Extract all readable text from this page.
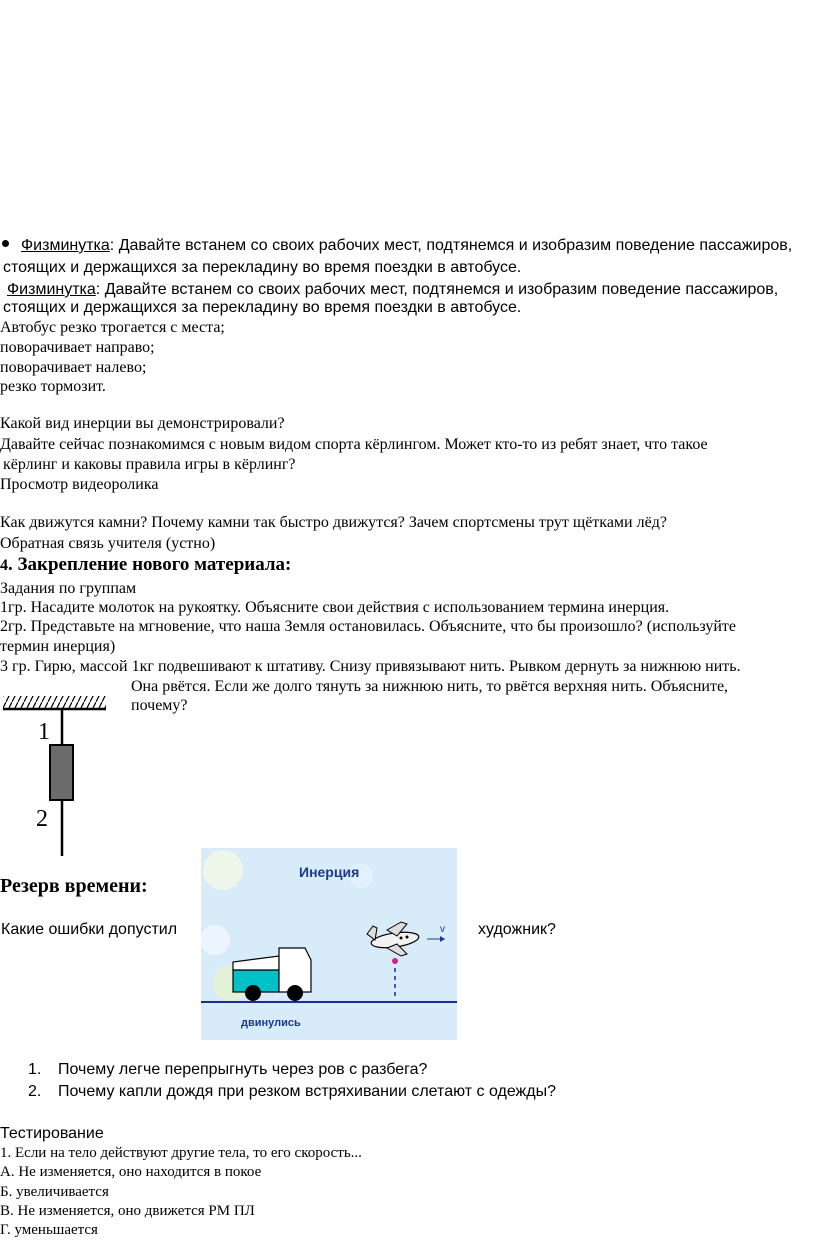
Физминутка: Давайте встанем со своих рабочих мест, подтянемся и изобразим поведение пассажиров,
стоящих и держащихся за перекладину во время поездки в автобусе.
Физминутка: Давайте встанем со своих рабочих мест, подтянемся и изобразим поведение пассажиров,
стоящих и держащихся за перекладину во время поездки в автобусе.
Автобус резко трогается с места;
поворачивает направо;
поворачивает налево;
резко тормозит.
Какой вид инерции вы демонстрировали?
Давайте сейчас познакомимся с новым видом спорта кёрлингом. Может кто-то из ребят знает, что такое
кёрлинг и каковы правила игры в кёрлинг?
Просмотр видеоролика
Как движутся камни? Почему камни так быстро движутся? Зачем спортсмены трут щётками лёд?
Обратная связь учителя (устно)
4. Закрепление нового материала:
Задания по группам
1гр. Насадите молоток на рукоятку. Объясните свои действия с использованием термина инерция.
2гр. Представьте на мгновение, что наша Земля остановилась. Объясните, что бы произошло? (используйте
термин инерция)
3 гр. Гирю, массой 1кг подвешивают к штативу. Снизу привязывают нить. Рывком дернуть за нижнюю нить.
Она рвётся. Если же долго тянуть за нижнюю нить, то рвётся верхняя нить. Объясните,
почему?
1
2
Резерв времени:
Какие ошибки допустил	художник?
Инерция
v
двинулись
1. Почему легче перепрыгнуть через ров с разбега?
2. Почему капли дождя при резком встряхивании слетают с одежды?
Тестирование
1. Если на тело действуют другие тела, то его скорость...
А. Не изменяется, оно находится в покое
Б. увеличивается
В. Не изменяется, оно движется РМ ПЛ
Г. уменьшается
